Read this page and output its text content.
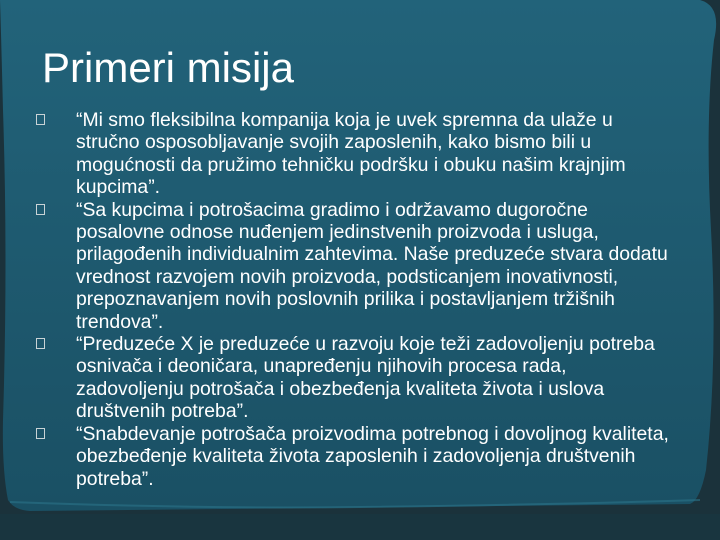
Primeri misija
“Mi smo fleksibilna kompanija koja je uvek spremna da ulaže u stručno osposobljavanje svojih zaposlenih, kako bismo bili u mogućnosti da pružimo tehničku podršku i obuku našim krajnjim kupcima”.
“Sa kupcima i potrošacima gradimo i održavamo dugoročne posalovne odnose nuđenjem jedinstvenih proizvoda i usluga, prilagođenih individualnim zahtevima. Naše preduzeće stvara dodatu vrednost razvojem novih proizvoda, podsticanjem inovativnosti, prepoznavanjem novih poslovnih prilika i postavljanjem tržišnih trendova”.
“Preduzeće X je preduzeće u razvoju koje teži zadovoljenju potreba osnivača i deoničara, unapređenju njihovih procesa rada, zadovoljenju potrošača i obezbeđenja kvaliteta života i uslova društvenih potreba”.
“Snabdevanje potrošača proizvodima potrebnog i dovoljnog kvaliteta, obezbeđenje kvaliteta života zaposlenih i zadovoljenja društvenih potreba”.
